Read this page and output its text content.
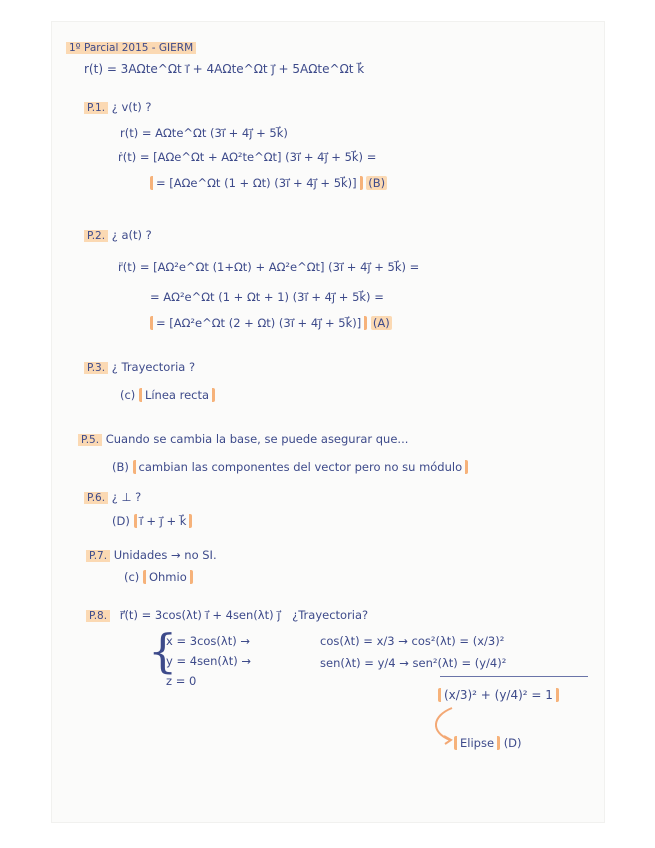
1º Parcial 2015 - GIERM
r(t) = 3AΩte^Ωt i⃗ + 4AΩte^Ωt j⃗ + 5AΩte^Ωt k⃗
P.1. ¿ v(t) ?
r(t) = AΩte^Ωt (3i⃗ + 4j⃗ + 5k⃗)
ṙ(t) = [AΩe^Ωt + AΩ²te^Ωt] (3i⃗ + 4j⃗ + 5k⃗) =
= [AΩe^Ωt (1 + Ωt) (3i⃗ + 4j⃗ + 5k⃗)] (B)
P.2. ¿ a(t) ?
r̈(t) = [AΩ²e^Ωt (1+Ωt) + AΩ²e^Ωt] (3i⃗ + 4j⃗ + 5k⃗) =
= AΩ²e^Ωt (1 + Ωt + 1) (3i⃗ + 4j⃗ + 5k⃗) =
= [AΩ²e^Ωt (2 + Ωt) (3i⃗ + 4j⃗ + 5k⃗)] (A)
P.3. ¿ Trayectoria ?
(c) Línea recta
P.5. Cuando se cambia la base, se puede asegurar que...
(B) cambian las componentes del vector pero no su módulo
P.6. ¿ ⊥ ?
(D) i⃗ + j⃗ + k⃗
P.7. Unidades → no SI.
(c) Ohmio
P.8. r⃗(t) = 3cos(λt) i⃗ + 4sen(λt) j⃗ ¿Trayectoria?
{
x = 3cos(λt) →
y = 4sen(λt) →
z = 0
cos(λt) = x/3 → cos²(λt) = (x/3)²
sen(λt) = y/4 → sen²(λt) = (y/4)²
(x/3)² + (y/4)² = 1
Elipse (D)
